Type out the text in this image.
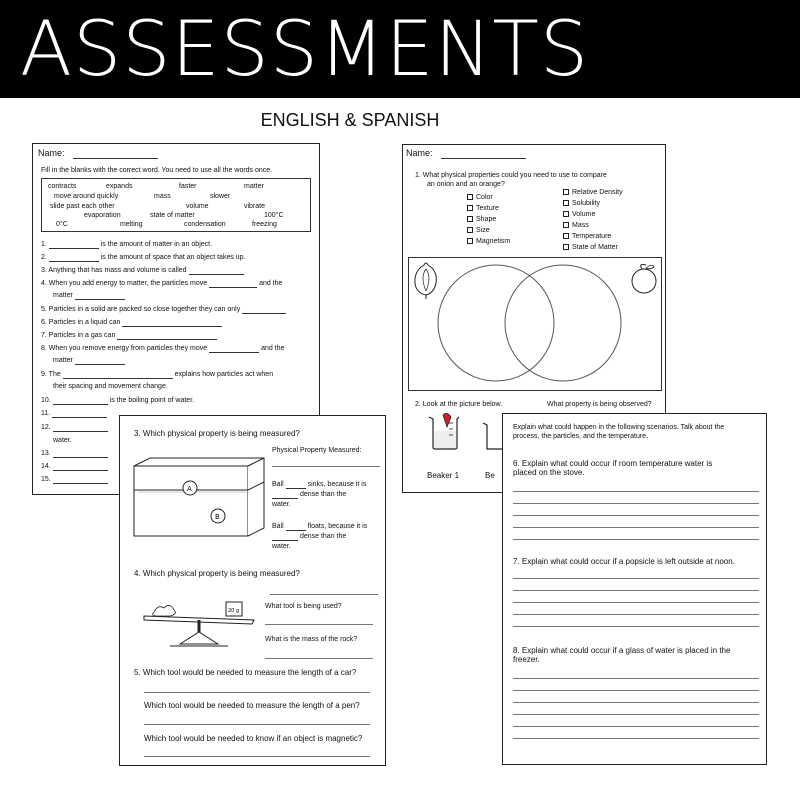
ASSESSMENTS
ENGLISH & SPANISH
Name:
Fill in the blanks with the correct word. You need to use all the words once.
contracts	expands	faster	matter
move around quickly	mass	slower
slide past each other	volume	vibrate
evaporation	state of matter	100°C
0°C	melting	condensation	freezing
1.	is the amount of matter in an object.
2.	is the amount of space that an object takes up.
3. Anything that has mass and volume is called
4. When you add energy to matter, the particles move	and the
matter
5. Particles in a solid are packed so close together they can only
6. Particles in a liquid can
7. Particles in a gas can
8. When you remove energy from particles they move	and the
matter
9. The	explains how particles act when
their spacing and movement change.
10.	is the boiling point of water.
11.
12.
water.
13.
14.
15.
Name:
1. What physical properties could you need to use to compare
an onion and an orange?
Color
Texture
Shape
Size
Magnetism
Relative Density
Solubility
Volume
Mass
Temperature
State of Matter
2. Look at the picture below.	What property is being observed?
Beaker 1	Be
3. Which physical property is being measured?
Physical Property Measured:
A
B
Ball	sinks, because it is
dense than the
water.
Ball	floats, because it is
dense than the
water.
4. Which physical property is being measured?
20 g
What tool is being used?
What is the mass of the rock?
5. Which tool would be needed to measure the length of a car?
Which tool would be needed to measure the length of a pen?
Which tool would be needed to know if an object is magnetic?
Explain what could happen in the following scenarios. Talk about the
process, the particles, and the temperature.
6. Explain what could occur if room temperature water is
placed on the stove.
7. Explain what could occur if a popsicle is left outside at noon.
8. Explain what could occur if a glass of water is placed in the
freezer.
